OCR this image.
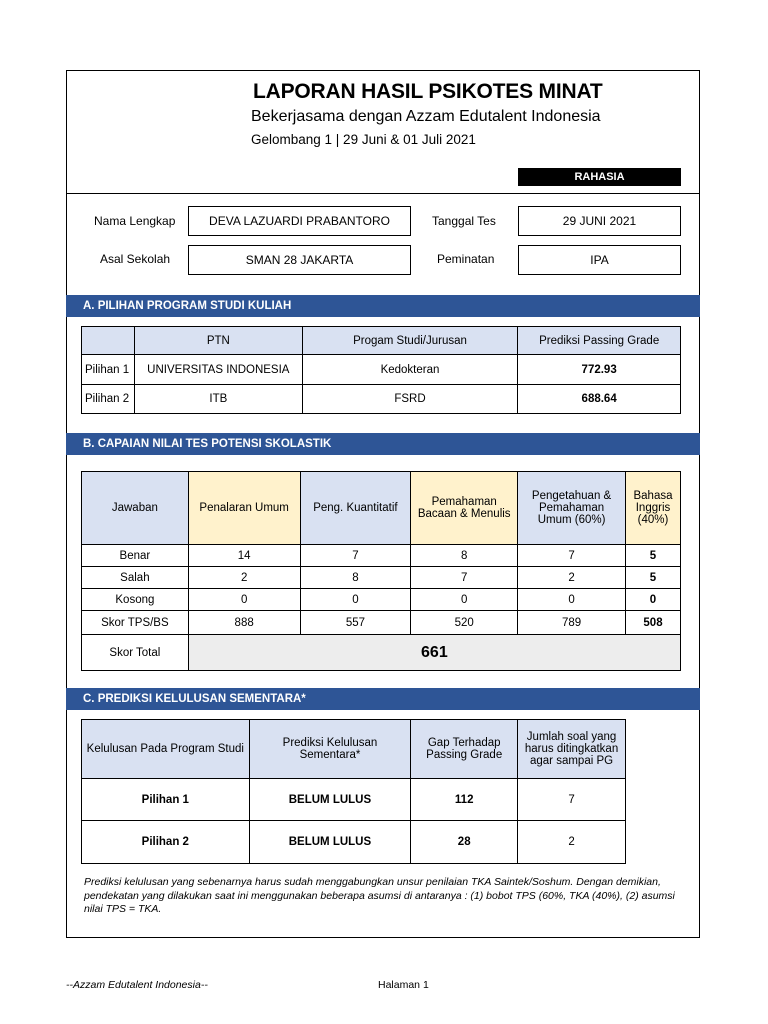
LAPORAN HASIL PSIKOTES MINAT
Bekerjasama dengan Azzam Edutalent Indonesia
Gelombang 1 | 29 Juni & 01 Juli 2021
RAHASIA
Nama Lengkap	DEVA LAZUARDI PRABANTORO	Tanggal Tes	29 JUNI 2021
Asal Sekolah	SMAN 28 JAKARTA	Peminatan	IPA
A. PILIHAN PROGRAM STUDI KULIAH
	PTN	Progam Studi/Jurusan	Prediksi Passing Grade
Pilihan 1	UNIVERSITAS INDONESIA	Kedokteran	772.93
Pilihan 2	ITB	FSRD	688.64
B. CAPAIAN NILAI TES POTENSI SKOLASTIK
Jawaban	Penalaran Umum	Peng. Kuantitatif	Pemahaman Bacaan & Menulis	Pengetahuan & Pemahaman Umum (60%)	Bahasa Inggris (40%)
Benar	14	7	8	7	5
Salah	2	8	7	2	5
Kosong	0	0	0	0	0
Skor TPS/BS	888	557	520	789	508
Skor Total	661				
C. PREDIKSI KELULUSAN SEMENTARA*
Kelulusan Pada Program Studi	Prediksi Kelulusan Sementara*	Gap Terhadap Passing Grade	Jumlah soal yang harus ditingkatkan agar sampai PG
Pilihan 1	BELUM LULUS	112	7
Pilihan 2	BELUM LULUS	28	2
Prediksi kelulusan yang sebenarnya harus sudah menggabungkan unsur penilaian TKA Saintek/Soshum. Dengan demikian, pendekatan yang dilakukan saat ini menggunakan beberapa asumsi di antaranya : (1) bobot TPS (60%, TKA (40%), (2) asumsi nilai TPS = TKA.
--Azzam Edutalent Indonesia--	Halaman 1
